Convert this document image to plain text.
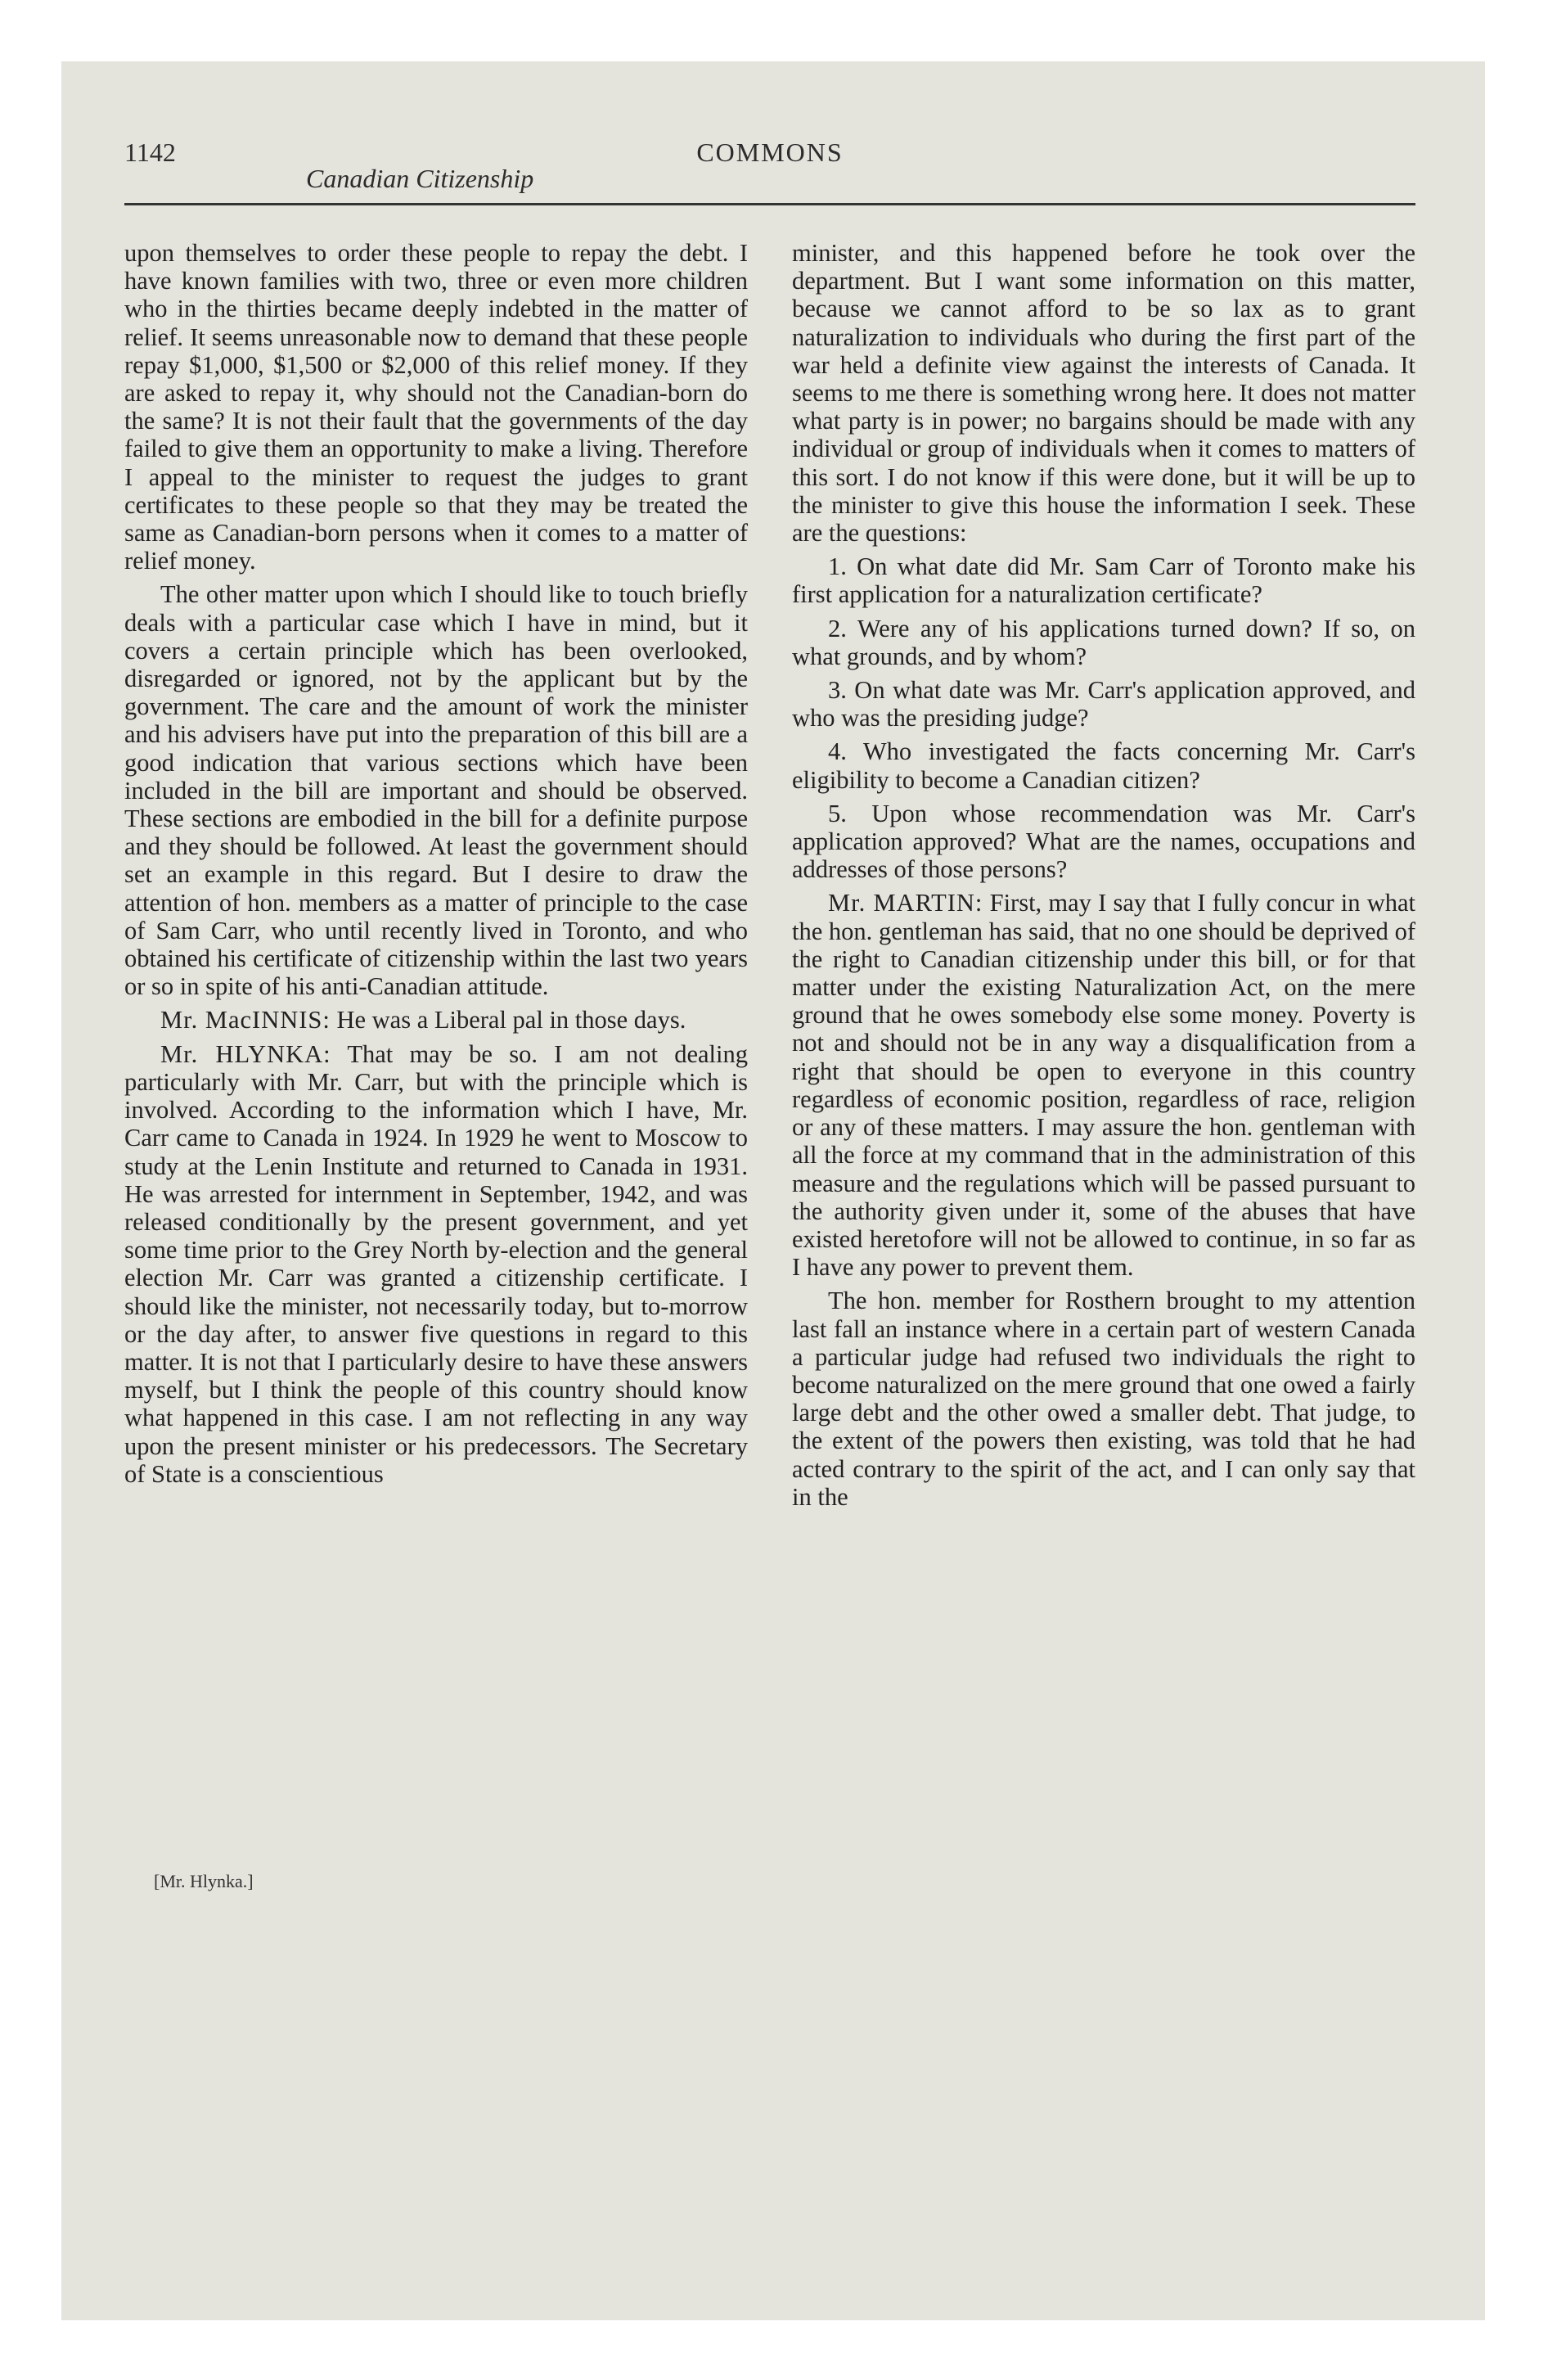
1142
Canadian Citizenship
COMMONS

upon themselves to order these people to repay the debt. I have known families with two, three or even more children who in the thirties became deeply indebted in the matter of relief. It seems unreasonable now to demand that these people repay $1,000, $1,500 or $2,000 of this relief money. If they are asked to repay it, why should not the Canadian-born do the same? It is not their fault that the governments of the day failed to give them an opportunity to make a living. Therefore I appeal to the minister to request the judges to grant certificates to these people so that they may be treated the same as Canadian-born persons when it comes to a matter of relief money.

The other matter upon which I should like to touch briefly deals with a particular case which I have in mind, but it covers a certain principle which has been overlooked, disregarded or ignored, not by the applicant but by the government. The care and the amount of work the minister and his advisers have put into the preparation of this bill are a good indication that various sections which have been included in the bill are important and should be observed. These sections are embodied in the bill for a definite purpose and they should be followed. At least the government should set an example in this regard. But I desire to draw the attention of hon. members as a matter of principle to the case of Sam Carr, who until recently lived in Toronto, and who obtained his certificate of citizenship within the last two years or so in spite of his anti-Canadian attitude.

Mr. MacINNIS: He was a Liberal pal in those days.

Mr. HLYNKA: That may be so. I am not dealing particularly with Mr. Carr, but with the principle which is involved. According to the information which I have, Mr. Carr came to Canada in 1924. In 1929 he went to Moscow to study at the Lenin Institute and returned to Canada in 1931. He was arrested for internment in September, 1942, and was released conditionally by the present government, and yet some time prior to the Grey North by-election and the general election Mr. Carr was granted a citizenship certificate. I should like the minister, not necessarily today, but to-morrow or the day after, to answer five questions in regard to this matter. It is not that I particularly desire to have these answers myself, but I think the people of this country should know what happened in this case. I am not reflecting in any way upon the present minister or his predecessors. The Secretary of State is a conscientious

[Mr. Hlynka.]

minister, and this happened before he took over the department. But I want some information on this matter, because we cannot afford to be so lax as to grant naturalization to individuals who during the first part of the war held a definite view against the interests of Canada. It seems to me there is something wrong here. It does not matter what party is in power; no bargains should be made with any individual or group of individuals when it comes to matters of this sort. I do not know if this were done, but it will be up to the minister to give this house the information I seek. These are the questions:

1. On what date did Mr. Sam Carr of Toronto make his first application for a naturalization certificate?

2. Were any of his applications turned down? If so, on what grounds, and by whom?

3. On what date was Mr. Carr's application approved, and who was the presiding judge?

4. Who investigated the facts concerning Mr. Carr's eligibility to become a Canadian citizen?

5. Upon whose recommendation was Mr. Carr's application approved? What are the names, occupations and addresses of those persons?

Mr. MARTIN: First, may I say that I fully concur in what the hon. gentleman has said, that no one should be deprived of the right to Canadian citizenship under this bill, or for that matter under the existing Naturalization Act, on the mere ground that he owes somebody else some money. Poverty is not and should not be in any way a disqualification from a right that should be open to everyone in this country regardless of economic position, regardless of race, religion or any of these matters. I may assure the hon. gentleman with all the force at my command that in the administration of this measure and the regulations which will be passed pursuant to the authority given under it, some of the abuses that have existed heretofore will not be allowed to continue, in so far as I have any power to prevent them.

The hon. member for Rosthern brought to my attention last fall an instance where in a certain part of western Canada a particular judge had refused two individuals the right to become naturalized on the mere ground that one owed a fairly large debt and the other owed a smaller debt. That judge, to the extent of the powers then existing, was told that he had acted contrary to the spirit of the act, and I can only say that in the
